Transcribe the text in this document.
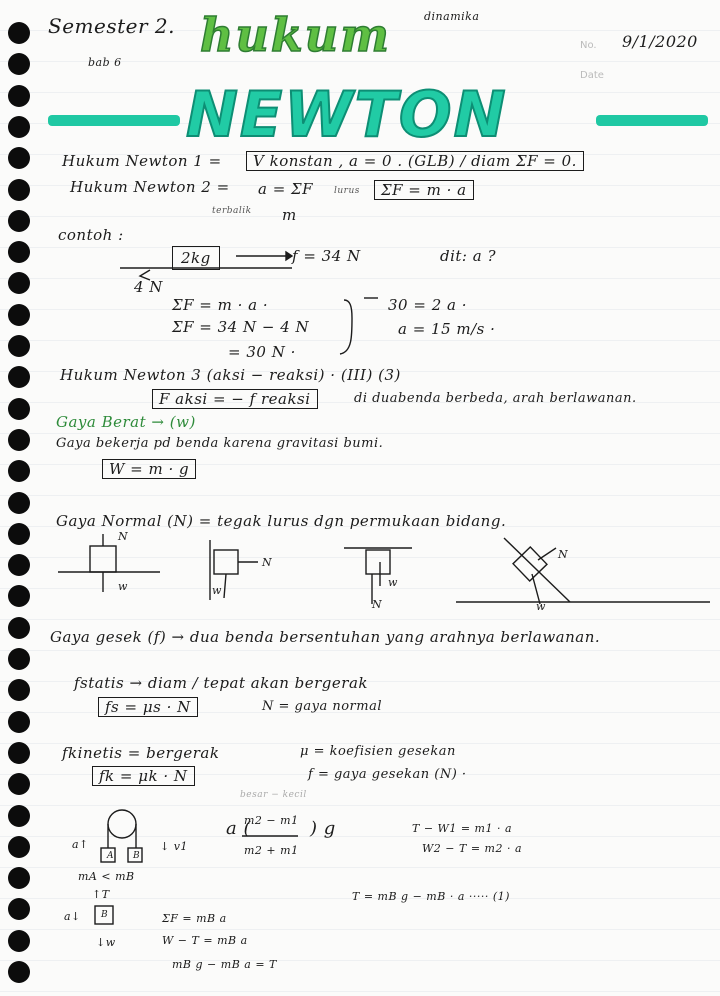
Semester 2.
bab 6
dinamika
No.
Date
9/1/2020
hukum
NEWTON
Hukum Newton 1 =	V konstan , a = 0 . (GLB) / diam ΣF = 0.
Hukum Newton 2 = a = ΣF
m
terbalik
lurus	ΣF = m · a
contoh :
2kg	f = 34 N
4 N
dit: a ?
ΣF = m · a ·
ΣF = 34 N − 4 N
= 30 N ·
30 = 2 a ·
a = 15 m/s ·
Hukum Newton 3 (aksi − reaksi) · (III) (3)
F aksi = − f reaksi	di duabenda berbeda, arah berlawanan.
Gaya Berat → (w)
Gaya bekerja pd benda karena gravitasi bumi.
W = m · g
Gaya Normal (N) = tegak lurus dgn permukaan bidang.
N
w
N
w
w
N
N
w
Gaya gesek (f) → dua benda bersentuhan yang arahnya berlawanan.
fstatis → diam / tepat akan bergerak
fs = μs · N	N = gaya normal
fkinetis = bergerak
fk = μk · N
μ = koefisien gesekan
f = gaya gesekan (N) ·
besar − kecil
a↑
A B
↓ v1
a (
m2 − m1
m2 + m1
) g
mA < mB
T − W1 = m1 · a
W2 − T = m2 · a
↑T
a↓ B
↓w
T = mB g − mB · a ····· (1)
ΣF = mB a
W − T = mB a
mB g − mB a = T
